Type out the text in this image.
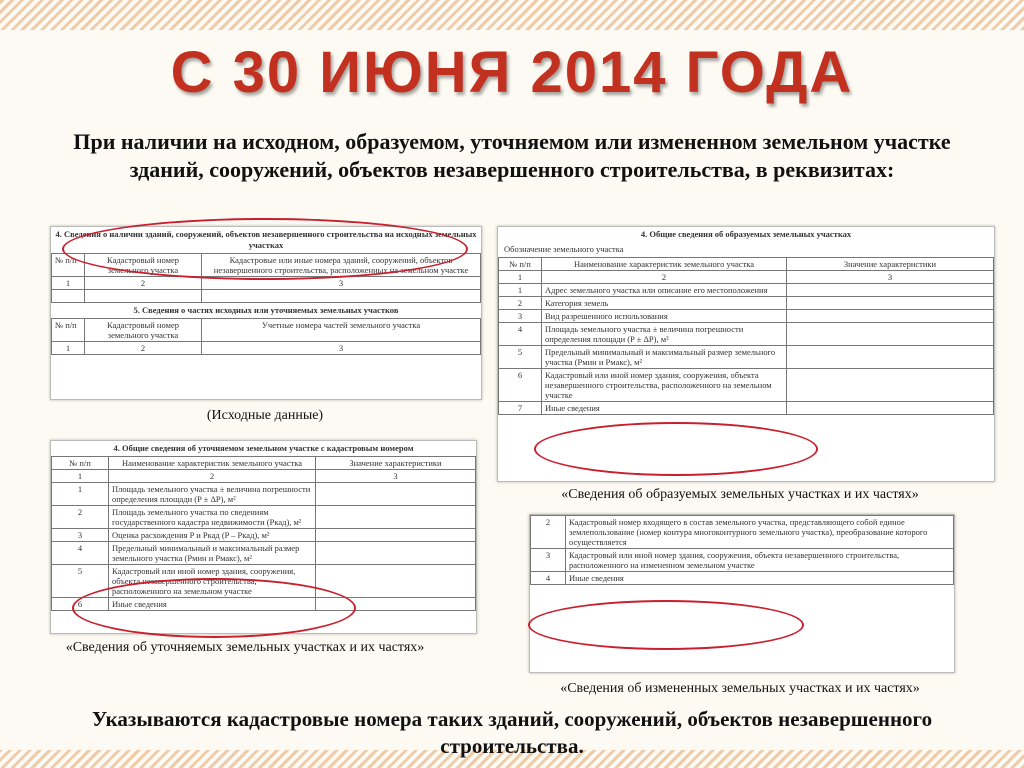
С 30 ИЮНЯ 2014 ГОДА

При наличии на исходном, образуемом, уточняемом или измененном земельном участке зданий, сооружений, объектов незавершенного строительства, в реквизитах:

4. Сведения о наличии зданий, сооружений, объектов незавершенного строительства на исходных земельных участках
№ п/п	Кадастровый номер земельного участка	Кадастровые или иные номера зданий, сооружений, объектов незавершенного строительства, расположенных на земельном участке
1	2	3

5. Сведения о частях исходных или уточняемых земельных участков
№ п/п	Кадастровый номер земельного участка	Учетные номера частей земельного участка
1	2	3

(Исходные данные)

4. Общие сведения об образуемых земельных участках
Обозначение земельного участка
№ п/п	Наименование характеристик земельного участка	Значение характеристики
1	2	3
1	Адрес земельного участка или описание его местоположения	
2	Категория земель	
3	Вид разрешенного использования	
4	Площадь земельного участка ± величина погрешности определения площади (P ± ΔP), м²	
5	Предельный минимальный и максимальный размер земельного участка (Pмин и Pмакс), м²	
6	Кадастровый или иной номер здания, сооружения, объекта незавершенного строительства, расположенного на земельном участке	
7	Иные сведения	

«Сведения об образуемых земельных участках и их частях»

4. Общие сведения об уточняемом земельном участке с кадастровым номером
№ п/п	Наименование характеристик земельного участка	Значение характеристики
1	2	3
1	Площадь земельного участка ± величина погрешности определения площади (P ± ΔP), м²	
2	Площадь земельного участка по сведениям государственного кадастра недвижимости (Pкад), м²	
3	Оценка расхождения P и Pкад (P – Pкад), м²	
4	Предельный минимальный и максимальный размер земельного участка (Pмин и Pмакс), м²	
5	Кадастровый или иной номер здания, сооружения, объекта незавершенного строительства, расположенного на земельном участке	
6	Иные сведения	

«Сведения об уточняемых земельных участках и их частях»

2	Кадастровый номер входящего в состав земельного участка, представляющего собой единое землепользование (номер контура многоконтурного земельного участка), преобразование которого осуществляется
3	Кадастровый или иной номер здания, сооружения, объекта незавершенного строительства, расположенного на измененном земельном участке
4	Иные сведения

«Сведения об измененных земельных участках и их частях»

Указываются кадастровые номера таких зданий, сооружений, объектов незавершенного строительства.
